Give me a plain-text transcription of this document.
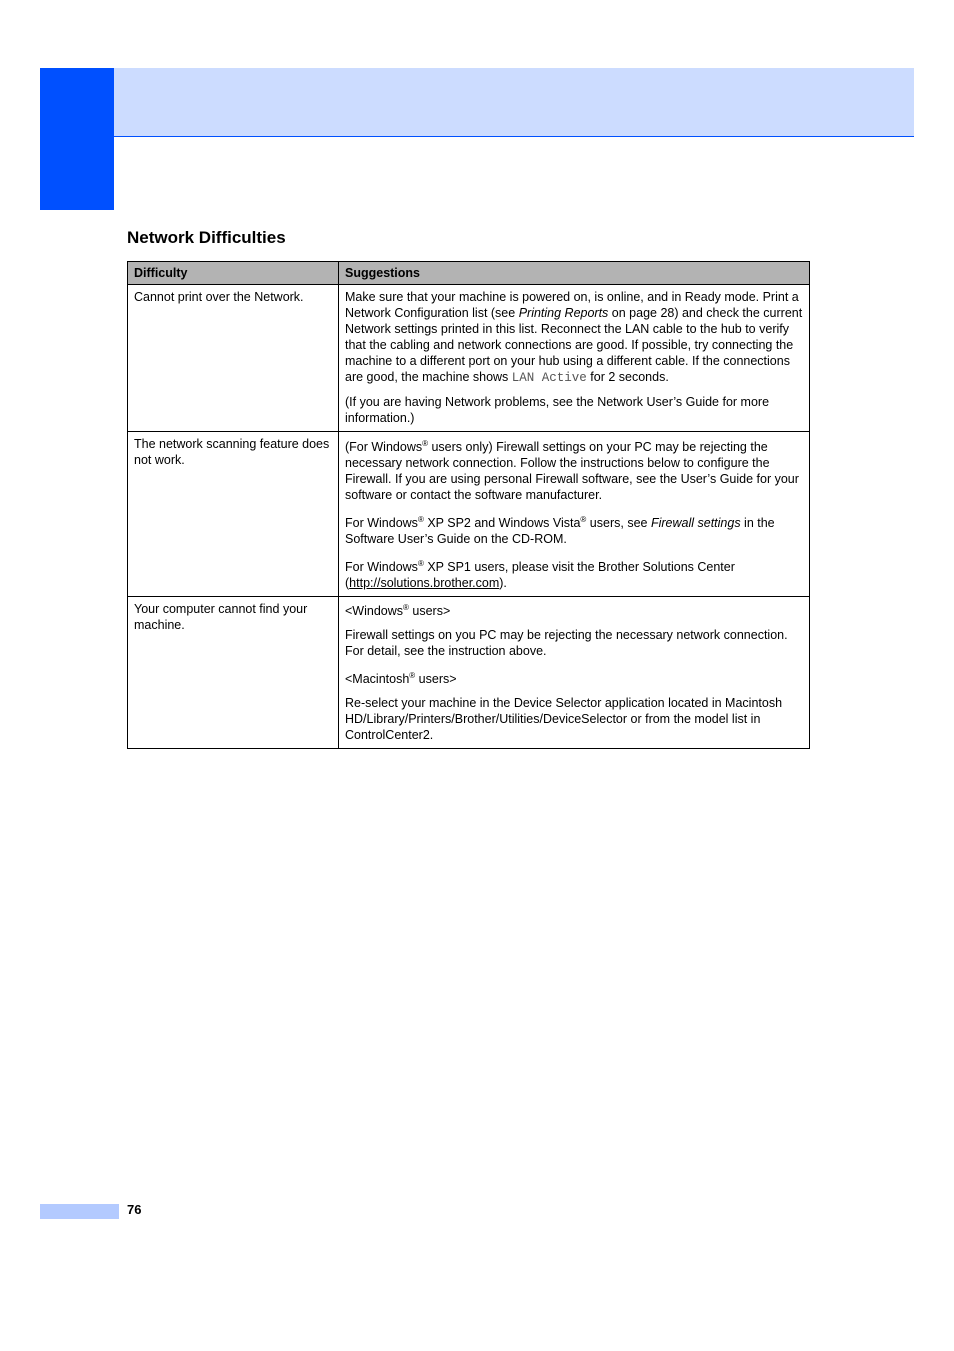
Network Difficulties
Difficulty	Suggestions
Cannot print over the Network.	Make sure that your machine is powered on, is online, and in Ready mode. Print a Network Configuration list (see Printing Reports on page 28) and check the current Network settings printed in this list. Reconnect the LAN cable to the hub to verify that the cabling and network connections are good. If possible, try connecting the machine to a different port on your hub using a different cable. If the connections are good, the machine shows LAN Active for 2 seconds.

(If you are having Network problems, see the Network User’s Guide for more information.)

The network scanning feature does not work.	(For Windows® users only) Firewall settings on your PC may be rejecting the necessary network connection. Follow the instructions below to configure the Firewall. If you are using personal Firewall software, see the User’s Guide for your software or contact the software manufacturer.

For Windows® XP SP2 and Windows Vista® users, see Firewall settings in the Software User’s Guide on the CD-ROM.

For Windows® XP SP1 users, please visit the Brother Solutions Center (http://solutions.brother.com).

Your computer cannot find your machine.	<Windows® users>

Firewall settings on you PC may be rejecting the necessary network connection. For detail, see the instruction above.

<Macintosh® users>

Re-select your machine in the Device Selector application located in Macintosh HD/Library/Printers/Brother/Utilities/DeviceSelector or from the model list in ControlCenter2.

76
